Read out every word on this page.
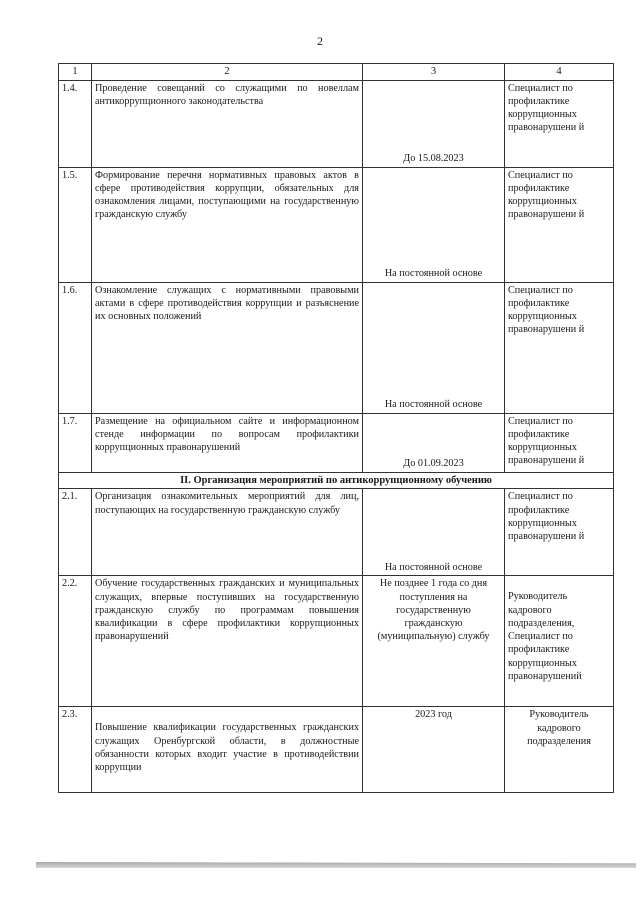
2
1	2	3	4
1.4.	Проведение совещаний со служащими по новеллам антикоррупционного законодательства	До 15.08.2023	Специалист по профилактике коррупционных правонарушени й
1.5.	Формирование перечня нормативных правовых актов в сфере противодействия коррупции, обязательных для ознакомления лицами, поступающими на государственную гражданскую службу	На постоянной основе	Специалист по профилактике коррупционных правонарушени й
1.6.	Ознакомление служащих с нормативными правовыми актами в сфере противодействия коррупции и разъяснение их основных положений	На постоянной основе	Специалист по профилактике коррупционных правонарушени й
1.7.	Размещение на официальном сайте и информационном стенде информации по вопросам профилактики коррупционных правонарушений	До 01.09.2023	Специалист по профилактике коррупционных правонарушени й
II. Организация мероприятий по антикоррупционному обучению			
2.1.	Организация ознакомительных мероприятий для лиц, поступающих на государственную гражданскую службу	На постоянной основе	Специалист по профилактике коррупционных правонарушени й
2.2.	Обучение государственных гражданских и муниципальных служащих, впервые поступивших на государственную гражданскую службу по программам повышения квалификации в сфере профилактики коррупционных правонарушений	Не позднее 1 года со дня поступления на государственную гражданскую (муниципальную) службу	Руководитель кадрового подразделения, Специалист по профилактике коррупционных правонарушений
2.3.	Повышение квалификации государственных гражданских служащих Оренбургской области, в должностные обязанности которых входит участие в противодействии коррупции	2023 год	Руководитель кадрового подразделения
